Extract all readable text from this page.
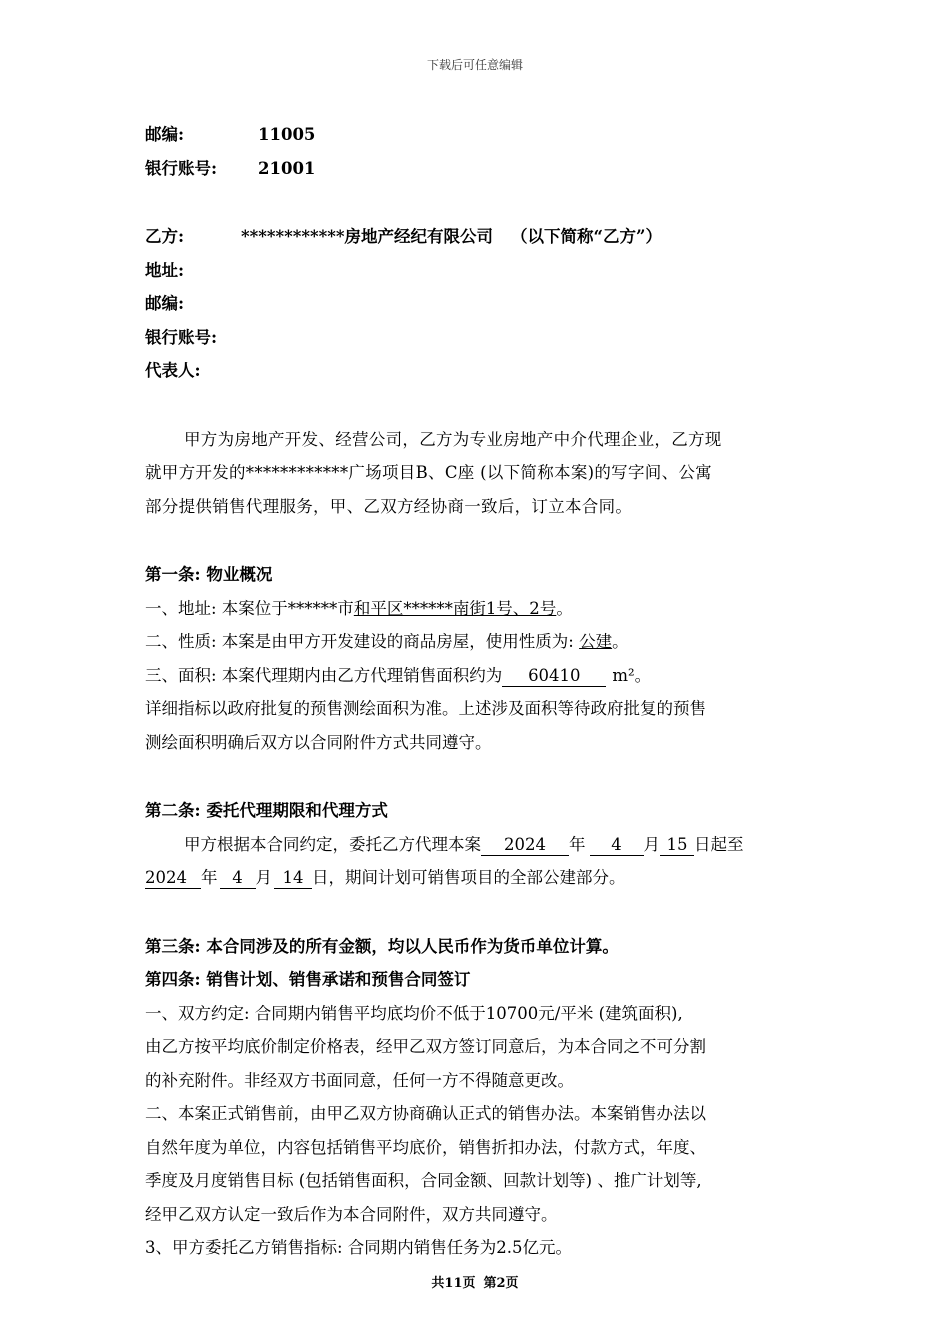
下载后可任意编辑
邮编:	11005
银行账号: 21001
乙方:	************房地产经纪有限公司 （以下简称“乙方”）
地址:
邮编:
银行账号:
代表人:
甲方为房地产开发、经营公司，乙方为专业房地产中介代理企业，乙方现
就甲方开发的************广场项目B、C座 (以下简称本案)的写字间、公寓
部分提供销售代理服务，甲、乙双方经协商一致后，订立本合同。
第一条: 物业概况
一、地址: 本案位于******市和平区******南街1号、2号。
二、性质: 本案是由甲方开发建设的商品房屋，使用性质为: 公建。
三、面积: 本案代理期内由乙方代理销售面积约为 60410 m²。
详细指标以政府批复的预售测绘面积为准。上述涉及面积等待政府批复的预售
测绘面积明确后双方以合同附件方式共同遵守。
第二条: 委托代理期限和代理方式
甲方根据本合同约定，委托乙方代理本案 2024 年 4 月 15 日起至
2024 年 4 月 14 日，期间计划可销售项目的全部公建部分。
第三条: 本合同涉及的所有金额，均以人民币作为货币单位计算。
第四条: 销售计划、销售承诺和预售合同签订
一、双方约定: 合同期内销售平均底均价不低于10700元/平米 (建筑面积),
由乙方按平均底价制定价格表，经甲乙双方签订同意后，为本合同之不可分割
的补充附件。非经双方书面同意，任何一方不得随意更改。
二、本案正式销售前，由甲乙双方协商确认正式的销售办法。本案销售办法以
自然年度为单位，内容包括销售平均底价，销售折扣办法，付款方式，年度、
季度及月度销售目标 (包括销售面积，合同金额、回款计划等) 、推广计划等,
经甲乙双方认定一致后作为本合同附件，双方共同遵守。
3、甲方委托乙方销售指标: 合同期内销售任务为2.5亿元。
共11页 第2页
